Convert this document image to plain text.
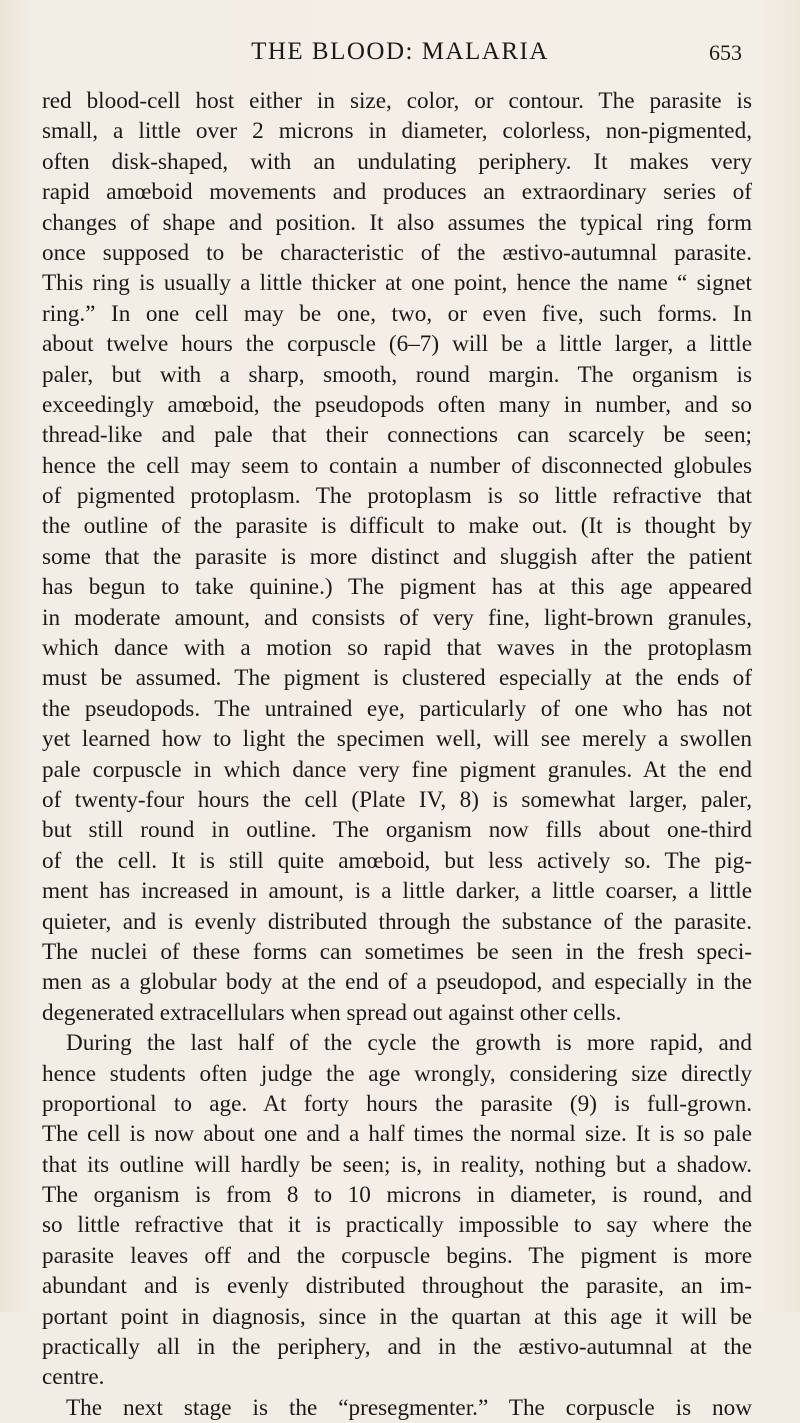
THE BLOOD: MALARIA	653
red blood-cell host either in size, color, or contour. The parasite is
small, a little over 2 microns in diameter, colorless, non-pigmented,
often disk-shaped, with an undulating periphery. It makes very
rapid amœboid movements and produces an extraordinary series of
changes of shape and position. It also assumes the typical ring form
once supposed to be characteristic of the æstivo-autumnal parasite.
This ring is usually a little thicker at one point, hence the name “ signet
ring.” In one cell may be one, two, or even five, such forms. In
about twelve hours the corpuscle (6–7) will be a little larger, a little
paler, but with a sharp, smooth, round margin. The organism is
exceedingly amœboid, the pseudopods often many in number, and so
thread-like and pale that their connections can scarcely be seen;
hence the cell may seem to contain a number of disconnected globules
of pigmented protoplasm. The protoplasm is so little refractive that
the outline of the parasite is difficult to make out. (It is thought by
some that the parasite is more distinct and sluggish after the patient
has begun to take quinine.) The pigment has at this age appeared
in moderate amount, and consists of very fine, light-brown granules,
which dance with a motion so rapid that waves in the protoplasm
must be assumed. The pigment is clustered especially at the ends of
the pseudopods. The untrained eye, particularly of one who has not
yet learned how to light the specimen well, will see merely a swollen
pale corpuscle in which dance very fine pigment granules. At the end
of twenty-four hours the cell (Plate IV, 8) is somewhat larger, paler,
but still round in outline. The organism now fills about one-third
of the cell. It is still quite amœboid, but less actively so. The pig-
ment has increased in amount, is a little darker, a little coarser, a little
quieter, and is evenly distributed through the substance of the parasite.
The nuclei of these forms can sometimes be seen in the fresh speci-
men as a globular body at the end of a pseudopod, and especially in the
degenerated extracellulars when spread out against other cells.
During the last half of the cycle the growth is more rapid, and
hence students often judge the age wrongly, considering size directly
proportional to age. At forty hours the parasite (9) is full-grown.
The cell is now about one and a half times the normal size. It is so pale
that its outline will hardly be seen; is, in reality, nothing but a shadow.
The organism is from 8 to 10 microns in diameter, is round, and
so little refractive that it is practically impossible to say where the
parasite leaves off and the corpuscle begins. The pigment is more
abundant and is evenly distributed throughout the parasite, an im-
portant point in diagnosis, since in the quartan at this age it will be
practically all in the periphery, and in the æstivo-autumnal at the
centre.
The next stage is the “presegmenter.” The corpuscle is now
